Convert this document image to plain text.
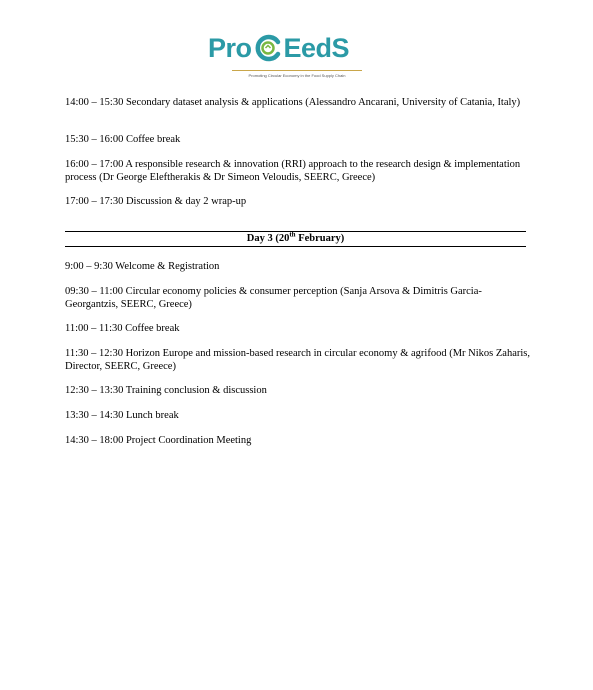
Pro EedS
Promoting Circular Economy in the Food Supply Chain
14:00 – 15:30 Secondary dataset analysis & applications (Alessandro Ancarani, University of Catania, Italy)
15:30 – 16:00 Coffee break
16:00 – 17:00 A responsible research & innovation (RRI) approach to the research design & implementation process (Dr George Eleftherakis & Dr Simeon Veloudis, SEERC, Greece)
17:00 – 17:30 Discussion & day 2 wrap-up
Day 3 (20th February)
9:00 – 9:30 Welcome & Registration
09:30 – 11:00 Circular economy policies & consumer perception (Sanja Arsova & Dimitris Garcia-Georgantzis, SEERC, Greece)
11:00 – 11:30 Coffee break
11:30 – 12:30 Horizon Europe and mission-based research in circular economy & agrifood (Mr Nikos Zaharis, Director, SEERC, Greece)
12:30 – 13:30 Training conclusion & discussion
13:30 – 14:30 Lunch break
14:30 – 18:00 Project Coordination Meeting
